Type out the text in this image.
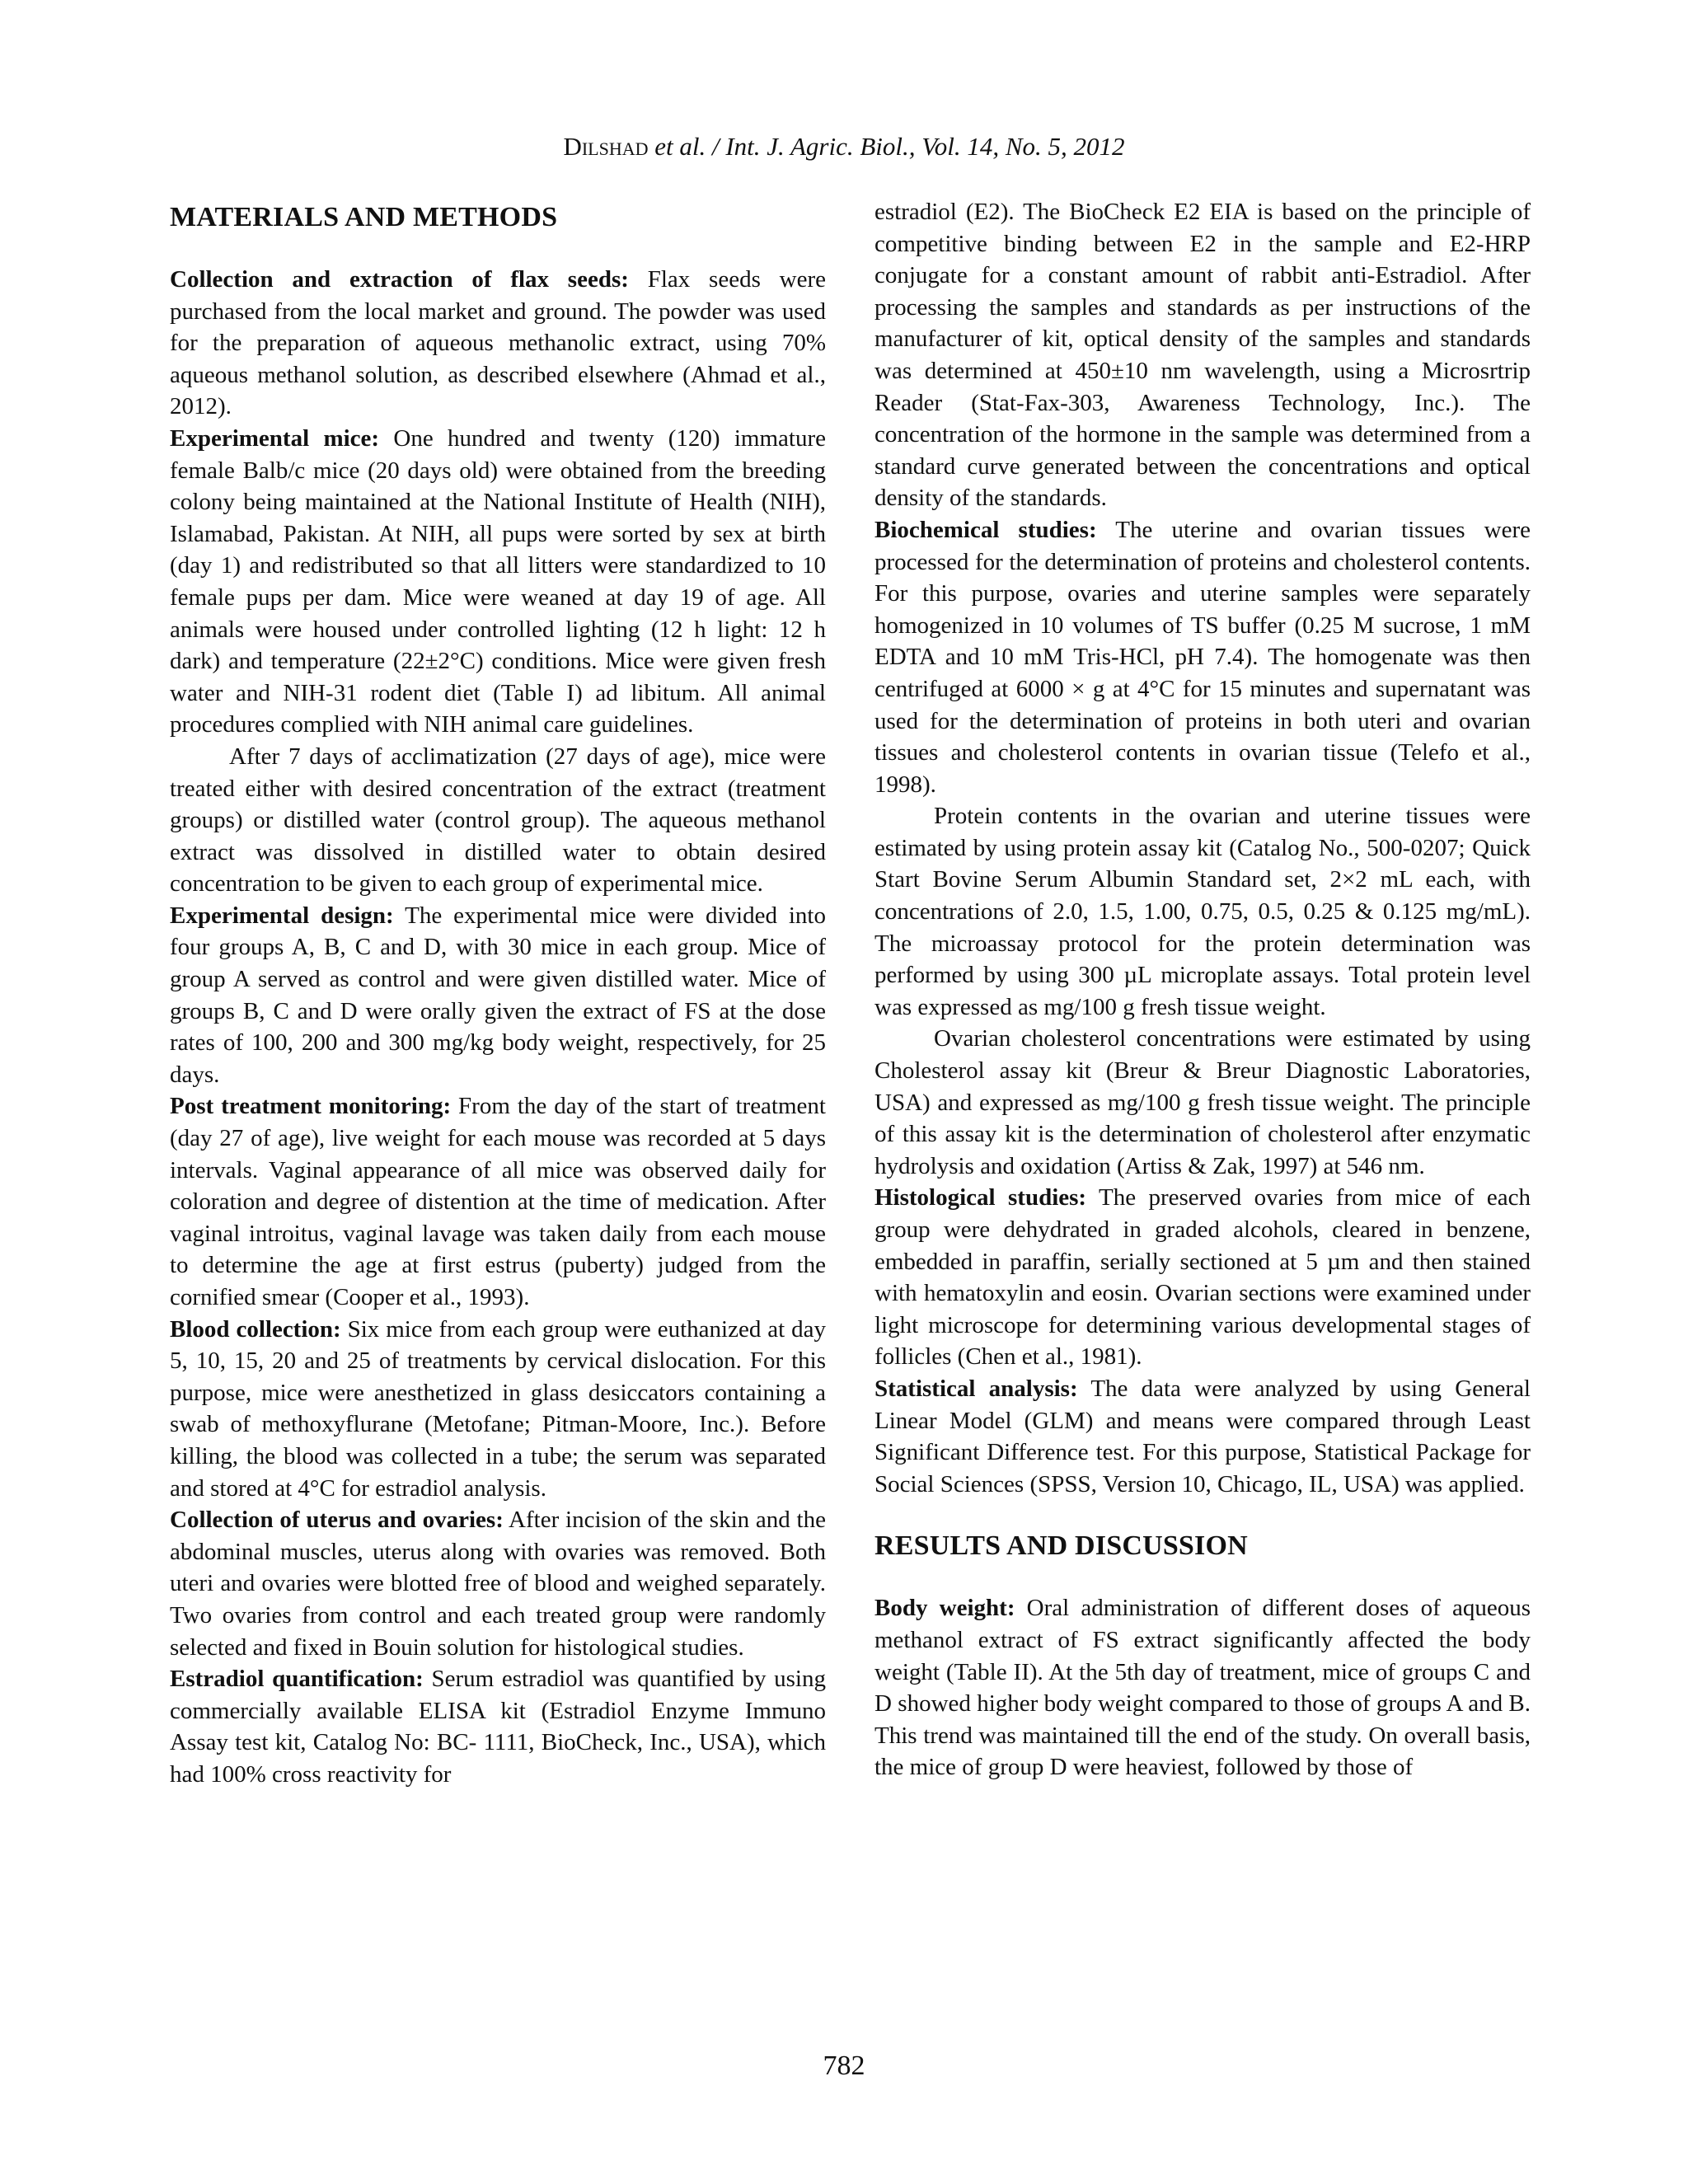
Dilshad et al. / Int. J. Agric. Biol., Vol. 14, No. 5, 2012
MATERIALS AND METHODS

Collection and extraction of flax seeds: Flax seeds were purchased from the local market and ground. The powder was used for the preparation of aqueous methanolic extract, using 70% aqueous methanol solution, as described elsewhere (Ahmad et al., 2012).

Experimental mice: One hundred and twenty (120) immature female Balb/c mice (20 days old) were obtained from the breeding colony being maintained at the National Institute of Health (NIH), Islamabad, Pakistan. At NIH, all pups were sorted by sex at birth (day 1) and redistributed so that all litters were standardized to 10 female pups per dam. Mice were weaned at day 19 of age. All animals were housed under controlled lighting (12 h light: 12 h dark) and temperature (22±2°C) conditions. Mice were given fresh water and NIH-31 rodent diet (Table I) ad libitum. All animal procedures complied with NIH animal care guidelines.

After 7 days of acclimatization (27 days of age), mice were treated either with desired concentration of the extract (treatment groups) or distilled water (control group). The aqueous methanol extract was dissolved in distilled water to obtain desired concentration to be given to each group of experimental mice.

Experimental design: The experimental mice were divided into four groups A, B, C and D, with 30 mice in each group. Mice of group A served as control and were given distilled water. Mice of groups B, C and D were orally given the extract of FS at the dose rates of 100, 200 and 300 mg/kg body weight, respectively, for 25 days.

Post treatment monitoring: From the day of the start of treatment (day 27 of age), live weight for each mouse was recorded at 5 days intervals. Vaginal appearance of all mice was observed daily for coloration and degree of distention at the time of medication. After vaginal introitus, vaginal lavage was taken daily from each mouse to determine the age at first estrus (puberty) judged from the cornified smear (Cooper et al., 1993).

Blood collection: Six mice from each group were euthanized at day 5, 10, 15, 20 and 25 of treatments by cervical dislocation. For this purpose, mice were anesthetized in glass desiccators containing a swab of methoxyflurane (Metofane; Pitman-Moore, Inc.). Before killing, the blood was collected in a tube; the serum was separated and stored at 4°C for estradiol analysis.

Collection of uterus and ovaries: After incision of the skin and the abdominal muscles, uterus along with ovaries was removed. Both uteri and ovaries were blotted free of blood and weighed separately. Two ovaries from control and each treated group were randomly selected and fixed in Bouin solution for histological studies.

Estradiol quantification: Serum estradiol was quantified by using commercially available ELISA kit (Estradiol Enzyme Immuno Assay test kit, Catalog No: BC- 1111, BioCheck, Inc., USA), which had 100% cross reactivity for

estradiol (E2). The BioCheck E2 EIA is based on the principle of competitive binding between E2 in the sample and E2-HRP conjugate for a constant amount of rabbit anti-Estradiol. After processing the samples and standards as per instructions of the manufacturer of kit, optical density of the samples and standards was determined at 450±10 nm wavelength, using a Microsrtrip Reader (Stat-Fax-303, Awareness Technology, Inc.). The concentration of the hormone in the sample was determined from a standard curve generated between the concentrations and optical density of the standards.

Biochemical studies: The uterine and ovarian tissues were processed for the determination of proteins and cholesterol contents. For this purpose, ovaries and uterine samples were separately homogenized in 10 volumes of TS buffer (0.25 M sucrose, 1 mM EDTA and 10 mM Tris-HCl, pH 7.4). The homogenate was then centrifuged at 6000 × g at 4°C for 15 minutes and supernatant was used for the determination of proteins in both uteri and ovarian tissues and cholesterol contents in ovarian tissue (Telefo et al., 1998).

Protein contents in the ovarian and uterine tissues were estimated by using protein assay kit (Catalog No., 500-0207; Quick Start Bovine Serum Albumin Standard set, 2×2 mL each, with concentrations of 2.0, 1.5, 1.00, 0.75, 0.5, 0.25 & 0.125 mg/mL). The microassay protocol for the protein determination was performed by using 300 µL microplate assays. Total protein level was expressed as mg/100 g fresh tissue weight.

Ovarian cholesterol concentrations were estimated by using Cholesterol assay kit (Breur & Breur Diagnostic Laboratories, USA) and expressed as mg/100 g fresh tissue weight. The principle of this assay kit is the determination of cholesterol after enzymatic hydrolysis and oxidation (Artiss & Zak, 1997) at 546 nm.

Histological studies: The preserved ovaries from mice of each group were dehydrated in graded alcohols, cleared in benzene, embedded in paraffin, serially sectioned at 5 µm and then stained with hematoxylin and eosin. Ovarian sections were examined under light microscope for determining various developmental stages of follicles (Chen et al., 1981).

Statistical analysis: The data were analyzed by using General Linear Model (GLM) and means were compared through Least Significant Difference test. For this purpose, Statistical Package for Social Sciences (SPSS, Version 10, Chicago, IL, USA) was applied.

RESULTS AND DISCUSSION

Body weight: Oral administration of different doses of aqueous methanol extract of FS extract significantly affected the body weight (Table II). At the 5th day of treatment, mice of groups C and D showed higher body weight compared to those of groups A and B. This trend was maintained till the end of the study. On overall basis, the mice of group D were heaviest, followed by those of

782
